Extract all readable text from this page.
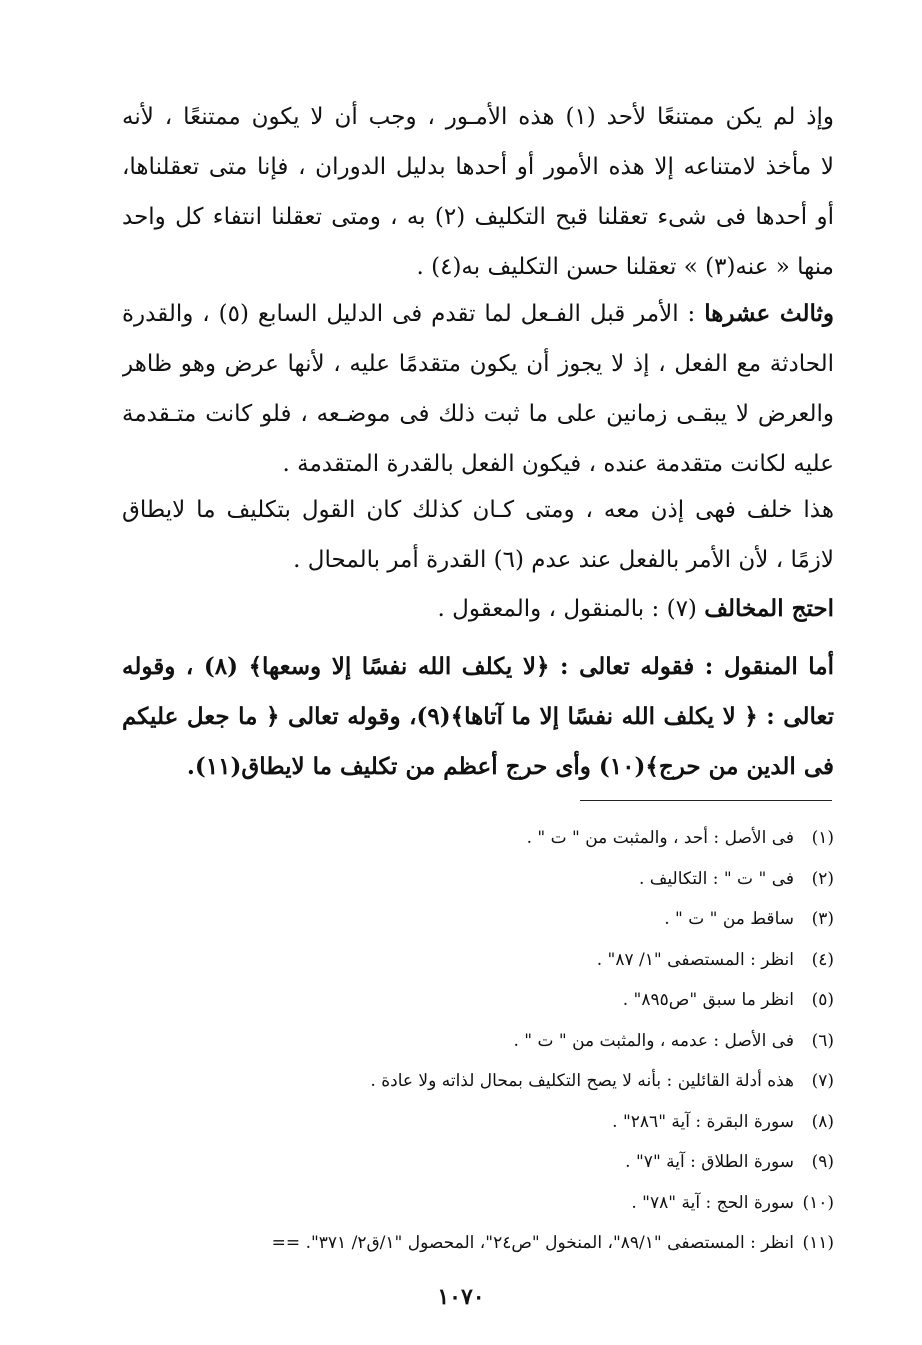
وإذ لم يكن ممتنعًا لأحد (١) هذه الأمـور ، وجب أن لا يكون ممتنعًا ، لأنه
لا مأخذ لامتناعه إلا هذه الأمور أو أحدها بدليل الدوران ، فإنا متى تعقلناها،
أو أحدها فى شىء تعقلنا قبح التكليف (٢) به ، ومتى تعقلنا انتفاء كل واحد
منها « عنه(٣) » تعقلنا حسن التكليف به(٤) .
وثالث عشرها : الأمر قبل الفـعل لما تقدم فى الدليل السابع (٥) ، والقدرة
الحادثة مع الفعل ، إذ لا يجوز أن يكون متقدمًا عليه ، لأنها عرض وهو ظاهر
والعرض لا يبقـى زمانين على ما ثبت ذلك فى موضـعه ، فلو كانت متـقدمة
عليه لكانت متقدمة عنده ، فيكون الفعل بالقدرة المتقدمة .
هذا خلف فهى إذن معه ، ومتى كـان كذلك كان القول بتكليف ما لايطاق
لازمًا ، لأن الأمر بالفعل عند عدم (٦) القدرة أمر بالمحال .
احتج المخالف (٧) : بالمنقول ، والمعقول .
أما المنقول : فقوله تعالى : ﴿لا يكلف الله نفسًا إلا وسعها﴾ (٨) ، وقوله
تعالى : ﴿ لا يكلف الله نفسًا إلا ما آتاها﴾(٩)، وقوله تعالى ﴿ ما جعل عليكم
فى الدين من حرج﴾(١٠) وأى حرج أعظم من تكليف ما لايطاق(١١).
(١)فى الأصل : أحد ، والمثبت من " ت " .
(٢)فى " ت " : التكاليف .
(٣)ساقط من " ت " .
(٤)انظر : المستصفى "١/ ٨٧" .
(٥)انظر ما سبق "ص٨٩٥" .
(٦)فى الأصل : عدمه ، والمثبت من " ت " .
(٧)هذه أدلة القائلين : بأنه لا يصح التكليف بمحال لذاته ولا عادة .
(٨)سورة البقرة : آية "٢٨٦" .
(٩)سورة الطلاق : آية "٧" .
(١٠)سورة الحج : آية "٧٨" .
(١١)انظر : المستصفى "٨٩/١"، المنخول "ص٢٤"، المحصول "١/ق٢/ ٣٧١". ==
١٠٧٠
